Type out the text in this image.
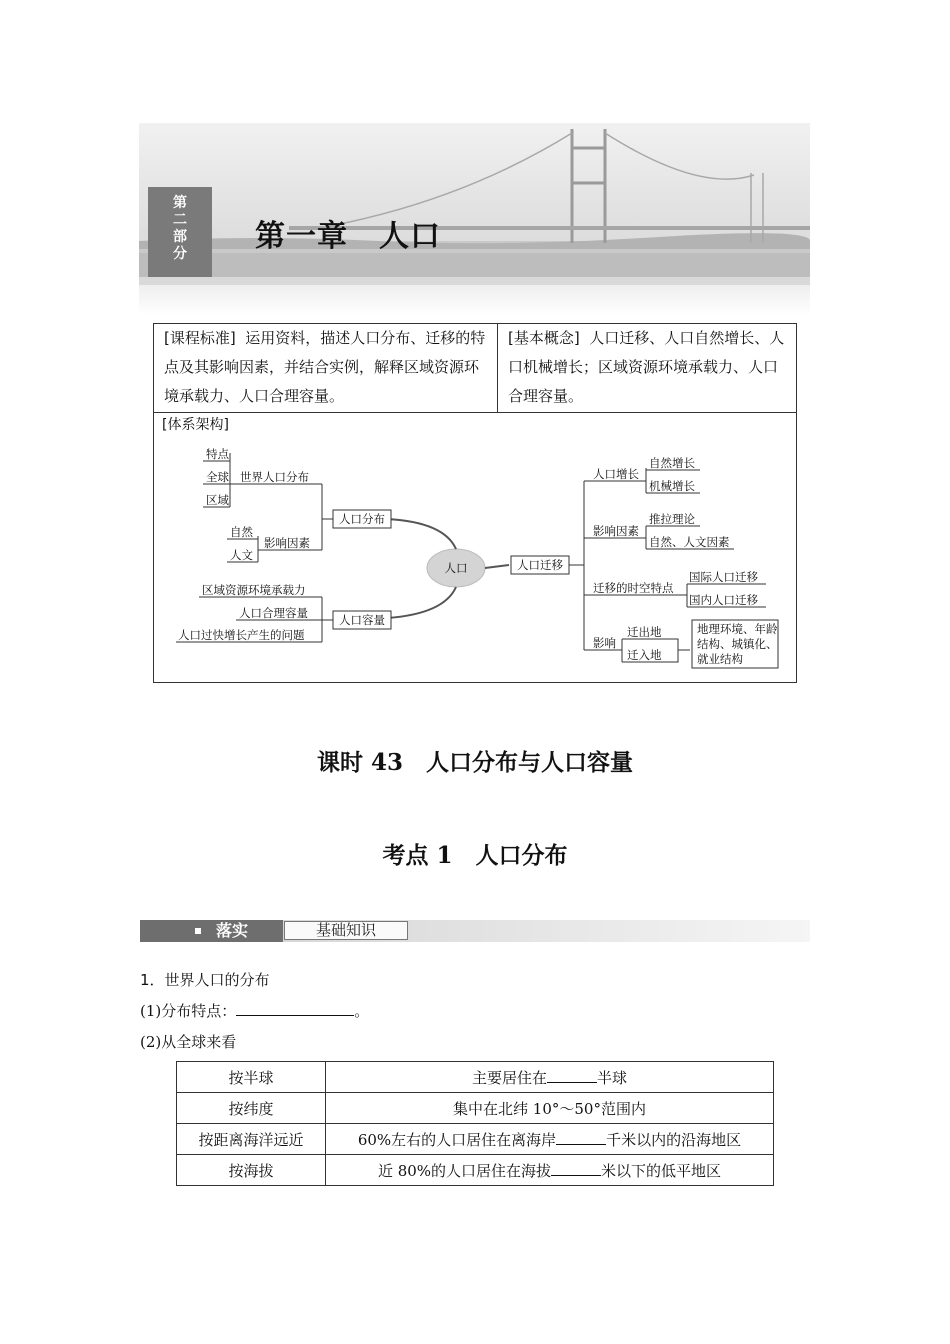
第二部分 第一章　人口
[课程标准] 运用资料，描述人口分布、迁移的特点及其影响因素，并结合实例，解释区域资源环境承载力、人口合理容量。
[基本概念] 人口迁移、人口自然增长、人口机械增长；区域资源环境承载力、人口合理容量。
[体系架构]
人口
人口分布
人口容量
人口迁移
世界人口分布
特点
全球
区域
影响因素
自然
人文
区域资源环境承载力
人口合理容量
人口过快增长产生的问题
人口增长
自然增长
机械增长
影响因素
推拉理论
自然、人文因素
迁移的时空特点
国际人口迁移
国内人口迁移
影响
迁出地
迁入地
地理环境、年龄
结构、城镇化、
就业结构
课时 43　人口分布与人口容量
考点 1　人口分布
落实	基础知识
1．世界人口的分布
(1)分布特点：	。
(2)从全球来看
按半球	主要居住在 半球
按纬度	集中在北纬 10°～50°范围内
按距离海洋远近	60%左右的人口居住在离海岸 千米以内的沿海地区
按海拔	近 80%的人口居住在海拔 米以下的低平地区
